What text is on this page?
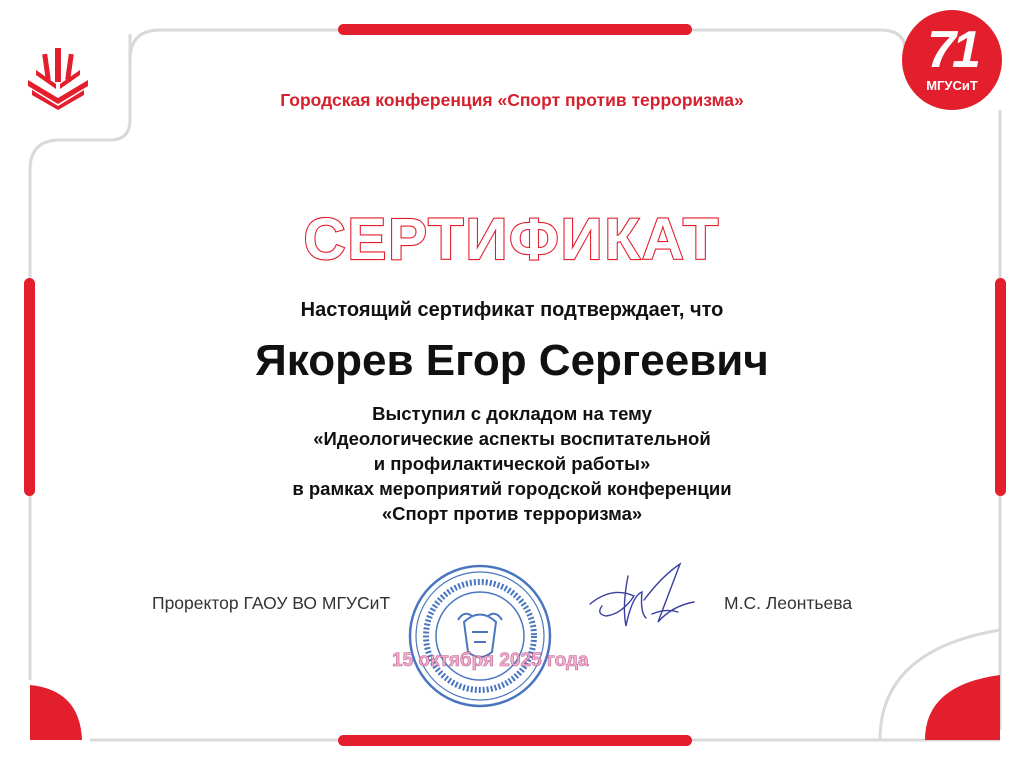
71
МГУСиТ
Городская конференция «Спорт против терроризма»
СЕРТИФИКАТ
Настоящий сертификат подтверждает, что
Якорев Егор Сергеевич
Выступил с докладом на тему
«Идеологические аспекты воспитательной
и профилактической работы»
в рамках мероприятий городской конференции
«Спорт против терроризма»
15 октября 2025 года
Проректор ГАОУ ВО МГУСиТ	М.С. Леонтьева
